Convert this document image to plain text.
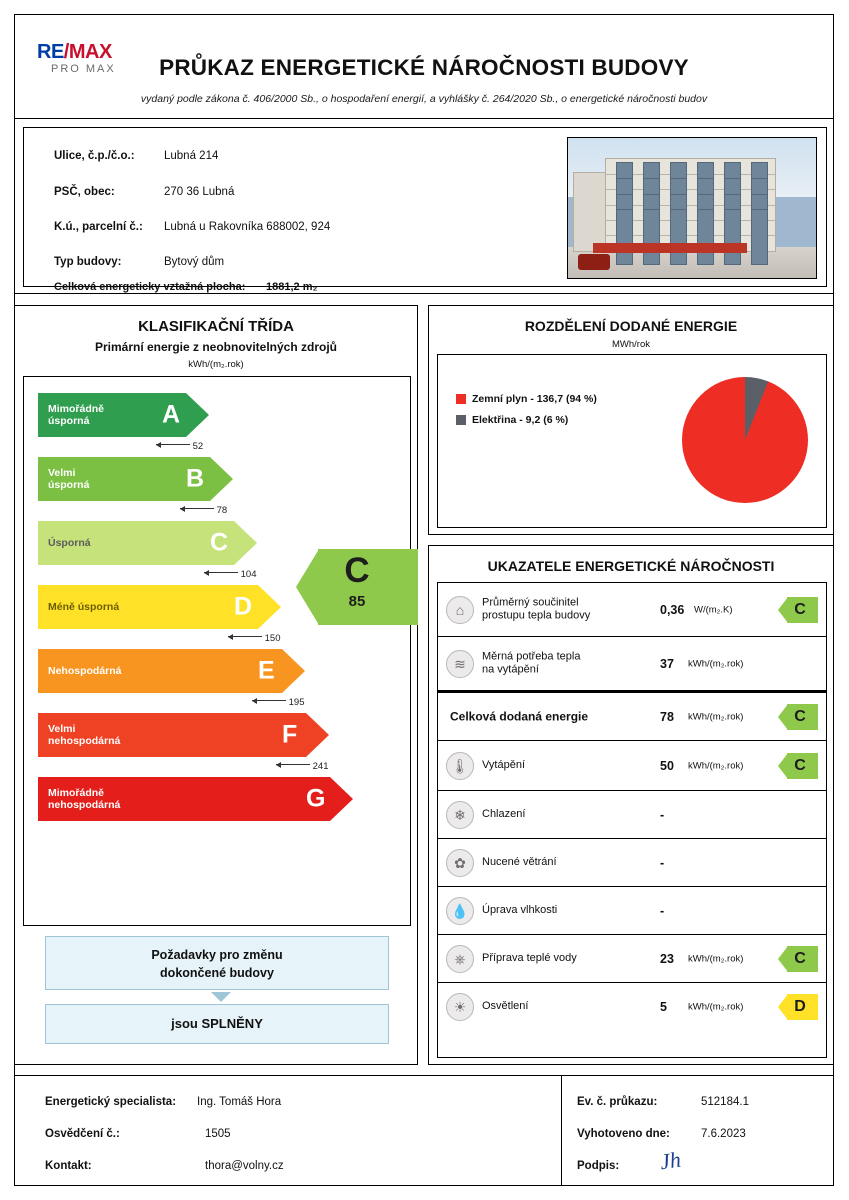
RE/MAX
PRO MAX	PRŮKAZ ENERGETICKÉ NÁROČNOSTI BUDOVY
vydaný podle zákona č. 406/2000 Sb., o hospodaření energií, a vyhlášky č. 264/2020 Sb., o energetické náročnosti budov
Ulice, č.p./č.o.:	Lubná 214
PSČ, obec:	270 36 Lubná
K.ú., parcelní č.: Lubná u Rakovníka 688002, 924
Typ budovy:	Bytový dům
Celková energeticky vztažná plocha: 1881,2 m₂
KLASIFIKAČNÍ TŘÍDA
Primární energie z neobnovitelných zdrojů
kWh/(m₂.rok)
Mimořádně
úsporná	A
52
Velmi
úsporná	B
78
Úsporná	C
104
Méně úsporná	D
150
Nehospodárná	E
195
Velmi
nehospodárná	F
241
Mimořádně
nehospodárná	G
C
85
Požadavky pro změnu
dokončené budovy
jsou SPLNĚNY
ROZDĚLENÍ DODANÉ ENERGIE
MWh/rok
Zemní plyn - 136,7 (94 %)
Elektřina - 9,2 (6 %)
UKAZATELE ENERGETICKÉ NÁROČNOSTI
⌂	Průměrný součinitel
prostupu tepla budovy	0,36 W/(m₂.K)	C
≋	Měrná potřeba tepla
na vytápění	37 kWh/(m₂.rok)
Celková dodaná energie	78 kWh/(m₂.rok)	C
🌡	Vytápění	50 kWh/(m₂.rok)	C
❄	Chlazení	-
✿	Nucené větrání	-
💧	Úprava vlhkosti	-
⎈	Příprava teplé vody	23 kWh/(m₂.rok)	C
☀	Osvětlení	5 kWh/(m₂.rok)	D
Energetický specialista: Ing. Tomáš Hora
Osvědčení č.:	1505
Kontakt:	thora@volny.cz
Ev. č. průkazu:	512184.1
Vyhotoveno dne:	7.6.2023
Podpis: Jh
